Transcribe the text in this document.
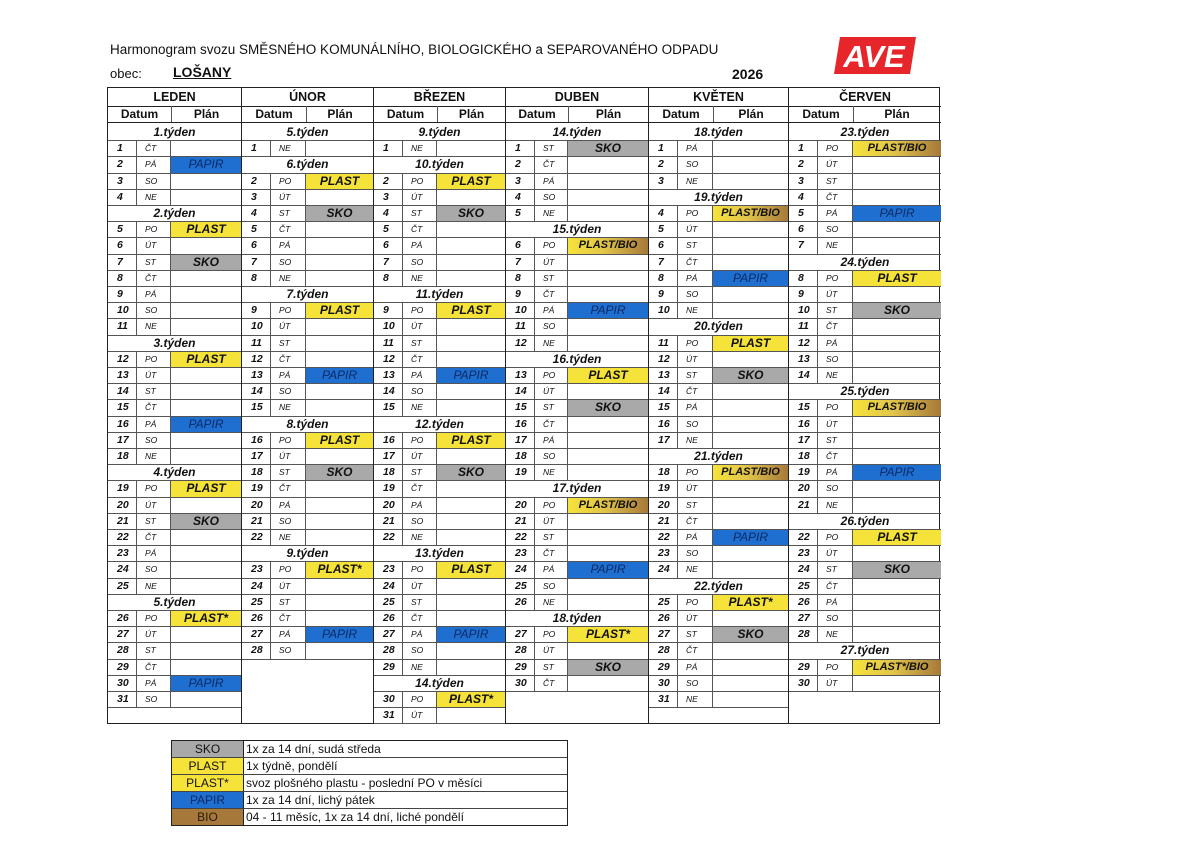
Harmonogram svozu SMĚSNÉHO KOMUNÁLNÍHO, BIOLOGICKÉHO a SEPAROVANÉHO ODPADU
obec: LOŠANY	2026	AVE
LEDEN
Datum	Plán
1.týden
1	ČT
2	PÁ	PAPIR
3	SO
4	NE
2.týden
5	PO	PLAST
6	ÚT
7	ST	SKO
8	ČT
9	PÁ
10	SO
11	NE
3.týden
12	PO	PLAST
13	ÚT
14	ST
15	ČT
16	PÁ	PAPIR
17	SO
18	NE
4.týden
19	PO	PLAST
20	ÚT
21	ST	SKO
22	ČT
23	PÁ
24	SO
25	NE
5.týden
26	PO	PLAST*
27	ÚT
28	ST
29	ČT
30	PÁ	PAPIR
31	SO
ÚNOR
Datum	Plán
5.týden
1	NE
6.týden
2	PO	PLAST
3	ÚT
4	ST	SKO
5	ČT
6	PÁ
7	SO
8	NE
7.týden
9	PO	PLAST
10	ÚT
11	ST
12	ČT
13	PÁ	PAPIR
14	SO
15	NE
8.týden
16	PO	PLAST
17	ÚT
18	ST	SKO
19	ČT
20	PÁ
21	SO
22	NE
9.týden
23	PO	PLAST*
24	ÚT
25	ST
26	ČT
27	PÁ	PAPIR
28	SO
BŘEZEN
Datum	Plán
9.týden
1	NE
10.týden
2	PO	PLAST
3	ÚT
4	ST	SKO
5	ČT
6	PÁ
7	SO
8	NE
11.týden
9	PO	PLAST
10	ÚT
11	ST
12	ČT
13	PÁ	PAPIR
14	SO
15	NE
12.týden
16	PO	PLAST
17	ÚT
18	ST	SKO
19	ČT
20	PÁ
21	SO
22	NE
13.týden
23	PO	PLAST
24	ÚT
25	ST
26	ČT
27	PÁ	PAPIR
28	SO
29	NE
14.týden
30	PO	PLAST*
31	ÚT
DUBEN
Datum	Plán
14.týden
1	ST	SKO
2	ČT
3	PÁ
4	SO
5	NE
15.týden
6	PO	PLAST/BIO
7	ÚT
8	ST
9	ČT
10	PÁ	PAPIR
11	SO
12	NE
16.týden
13	PO	PLAST
14	ÚT
15	ST	SKO
16	ČT
17	PÁ
18	SO
19	NE
17.týden
20	PO	PLAST/BIO
21	ÚT
22	ST
23	ČT
24	PÁ	PAPIR
25	SO
26	NE
18.týden
27	PO	PLAST*
28	ÚT
29	ST	SKO
30	ČT
KVĚTEN
Datum	Plán
18.týden
1	PÁ
2	SO
3	NE
19.týden
4	PO	PLAST/BIO
5	ÚT
6	ST
7	ČT
8	PÁ	PAPIR
9	SO
10	NE
20.týden
11	PO	PLAST
12	ÚT
13	ST	SKO
14	ČT
15	PÁ
16	SO
17	NE
21.týden
18	PO	PLAST/BIO
19	ÚT
20	ST
21	ČT
22	PÁ	PAPIR
23	SO
24	NE
22.týden
25	PO	PLAST*
26	ÚT
27	ST	SKO
28	ČT
29	PÁ
30	SO
31	NE
ČERVEN
Datum	Plán
23.týden
1	PO	PLAST/BIO
2	ÚT
3	ST
4	ČT
5	PÁ	PAPIR
6	SO
7	NE
24.týden
8	PO	PLAST
9	ÚT
10	ST	SKO
11	ČT
12	PÁ
13	SO
14	NE
25.týden
15	PO	PLAST/BIO
16	ÚT
17	ST
18	ČT
19	PÁ	PAPIR
20	SO
21	NE
26.týden
22	PO	PLAST
23	ÚT
24	ST	SKO
25	ČT
26	PÁ
27	SO
28	NE
27.týden
29	PO	PLAST*/BIO
30	ÚT
SKO	1x za 14 dní, sudá středa
PLAST	1x týdně, pondělí
PLAST*	svoz plošného plastu - poslední PO v měsíci
PAPIR	1x za 14 dní, lichý pátek
BIO	04 - 11 měsíc, 1x za 14 dní, liché pondělí
